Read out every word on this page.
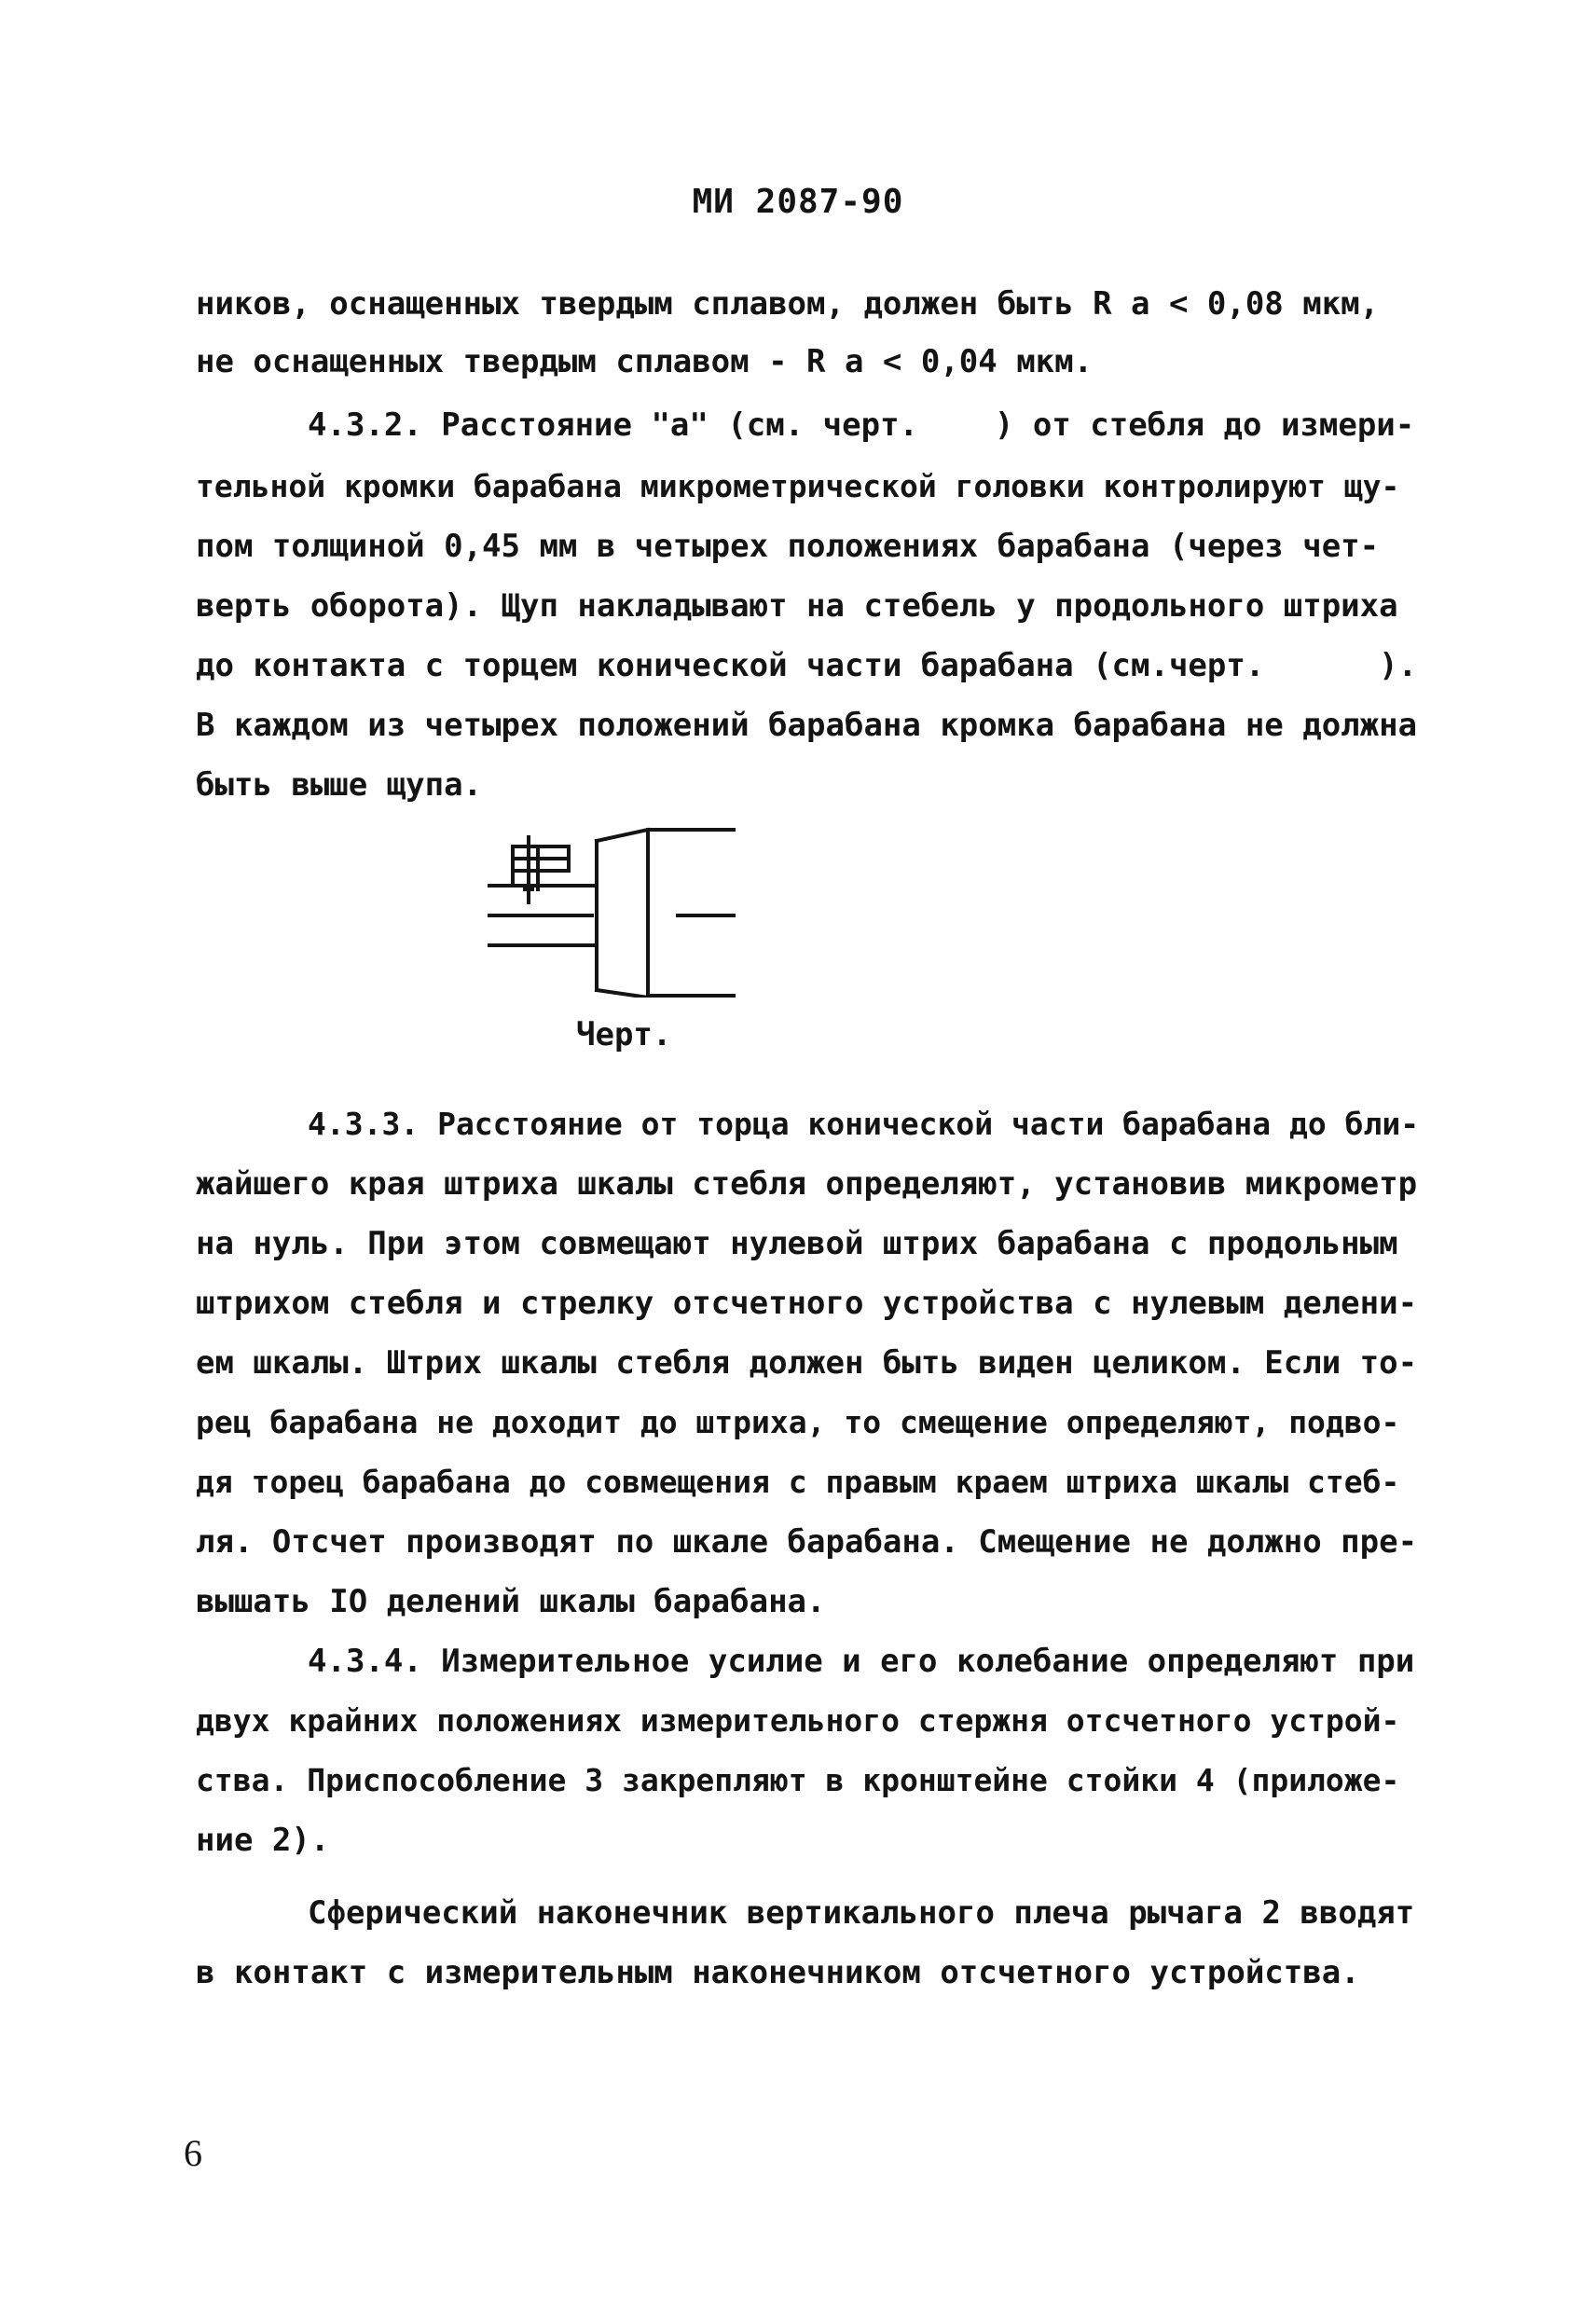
МИ 2087-90
ников, оснащенных твердым сплавом, должен быть R a < 0,08 мкм,
не оснащенных твердым сплавом - R a < 0,04 мкм.
4.3.2. Расстояние "а" (см. черт.    ) от стебля до измери-
тельной кромки барабана микрометрической головки контролируют щу-
пом толщиной 0,45 мм в четырех положениях барабана (через чет-
верть оборота). Щуп накладывают на стебель у продольного штриха
до контакта с торцем конической части барабана (см.черт.      ).
В каждом из четырех положений барабана кромка барабана не должна
быть выше щупа.
Черт.
4.3.3. Расстояние от торца конической части барабана до бли-
жайшего края штриха шкалы стебля определяют, установив микрометр
на нуль. При этом совмещают нулевой штрих барабана с продольным
штрихом стебля и стрелку отсчетного устройства с нулевым делени-
ем шкалы. Штрих шкалы стебля должен быть виден целиком. Если то-
рец барабана не доходит до штриха, то смещение определяют, подво-
дя торец барабана до совмещения с правым краем штриха шкалы стеб-
ля. Отсчет производят по шкале барабана. Смещение не должно пре-
вышать IO делений шкалы барабана.
4.3.4. Измерительное усилие и его колебание определяют при
двух крайних положениях измерительного стержня отсчетного устрой-
ства. Приспособление 3 закрепляют в кронштейне стойки 4 (приложе-
ние 2).
Сферический наконечник вертикального плеча рычага 2 вводят
в контакт с измерительным наконечником отсчетного устройства.
6
